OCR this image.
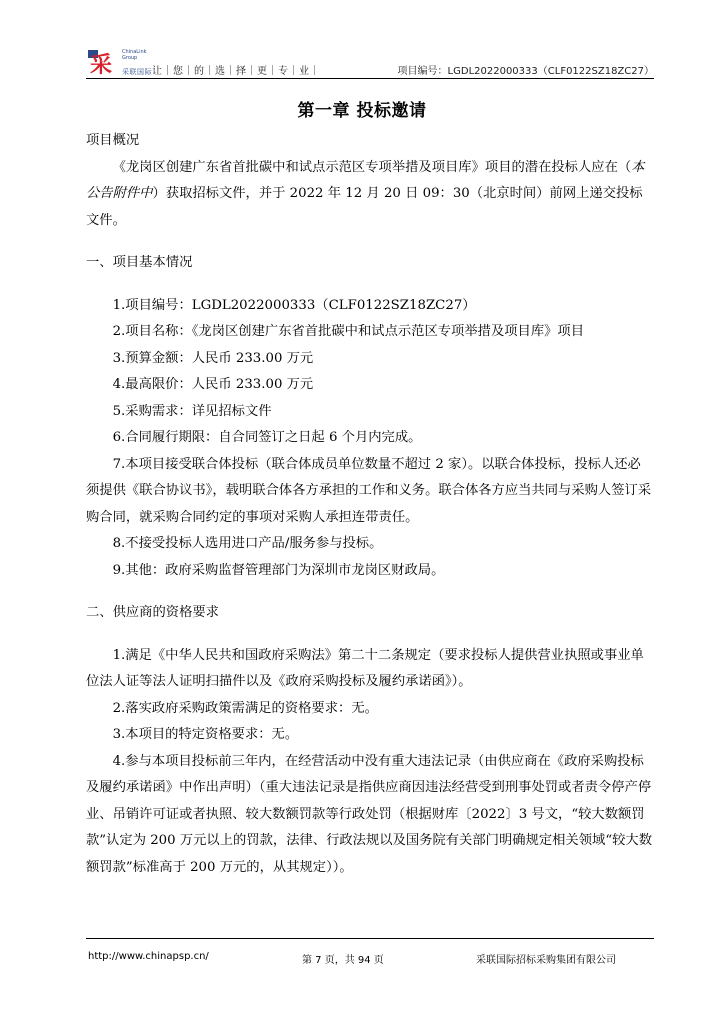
采
ChinaLink
Group
采联国际让｜您｜的｜选｜择｜更｜专｜业｜	项目编号：LGDL2022000333（CLF0122SZ18ZC27）
第一章 投标邀请

项目概况

《龙岗区创建广东省首批碳中和试点示范区专项举措及项目库》项目的潜在投标人应在（本公告附件中）获取招标文件，并于 2022 年 12 月 20 日 09：30（北京时间）前网上递交投标文件。

一、项目基本情况

1.项目编号：LGDL2022000333（CLF0122SZ18ZC27）

2.项目名称：《龙岗区创建广东省首批碳中和试点示范区专项举措及项目库》项目

3.预算金额：人民币 233.00 万元

4.最高限价：人民币 233.00 万元

5.采购需求：详见招标文件

6.合同履行期限：自合同签订之日起 6 个月内完成。

7.本项目接受联合体投标（联合体成员单位数量不超过 2 家）。以联合体投标，投标人还必须提供《联合协议书》，载明联合体各方承担的工作和义务。联合体各方应当共同与采购人签订采购合同，就采购合同约定的事项对采购人承担连带责任。

8.不接受投标人选用进口产品/服务参与投标。

9.其他：政府采购监督管理部门为深圳市龙岗区财政局。

二、供应商的资格要求

1.满足《中华人民共和国政府采购法》第二十二条规定（要求投标人提供营业执照或事业单位法人证等法人证明扫描件以及《政府采购投标及履约承诺函》）。

2.落实政府采购政策需满足的资格要求：无。

3.本项目的特定资格要求：无。

4.参与本项目投标前三年内，在经营活动中没有重大违法记录（由供应商在《政府采购投标及履约承诺函》中作出声明）（重大违法记录是指供应商因违法经营受到刑事处罚或者责令停产停业、吊销许可证或者执照、较大数额罚款等行政处罚（根据财库〔2022〕3 号文，“较大数额罚款”认定为 200 万元以上的罚款，法律、行政法规以及国务院有关部门明确规定相关领域“较大数额罚款”标准高于 200 万元的，从其规定））。

http://www.chinapsp.cn/	第 7 页，共 94 页	采联国际招标采购集团有限公司
